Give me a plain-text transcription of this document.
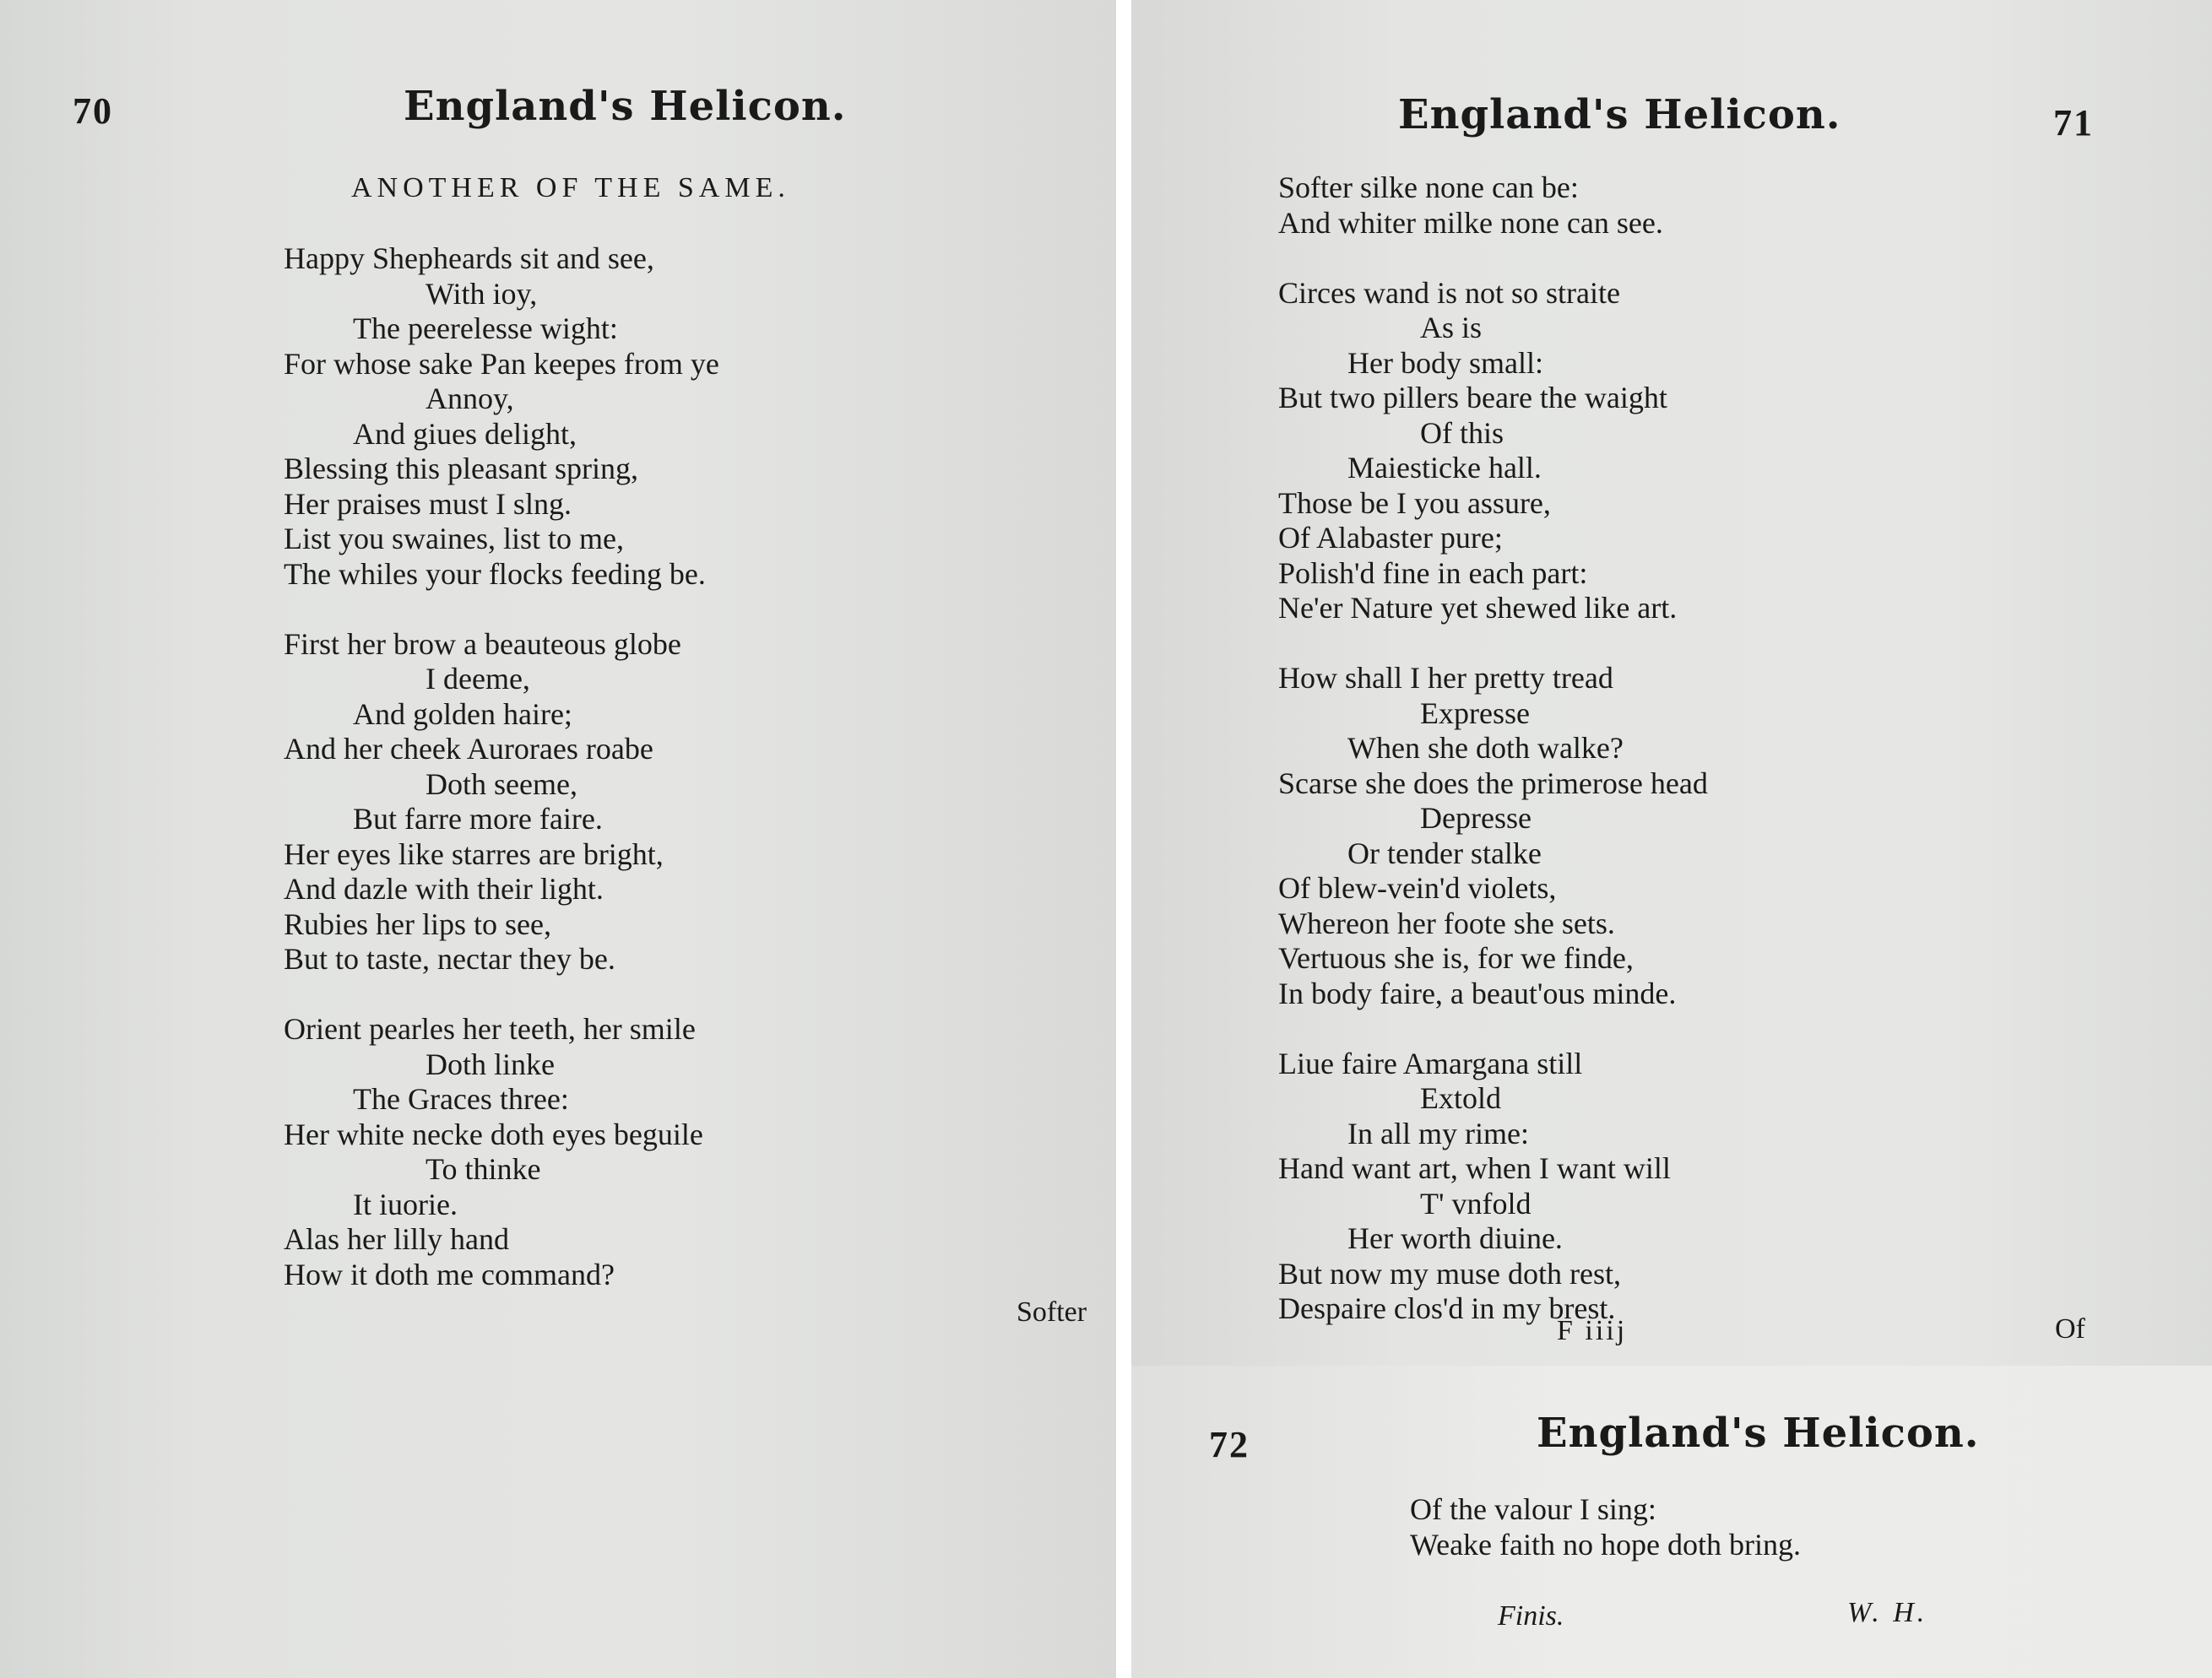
70	England's Helicon.
ANOTHER OF THE SAME.
Happy Shepheards sit and see,
With ioy,
The peerelesse wight:
For whose sake Pan keepes from ye
Annoy,
And giues delight,
Blessing this pleasant spring,
Her praises must I slng.
List you swaines, list to me,
The whiles your flocks feeding be.
First her brow a beauteous globe
I deeme,
And golden haire;
And her cheek Auroraes roabe
Doth seeme,
But farre more faire.
Her eyes like starres are bright,
And dazle with their light.
Rubies her lips to see,
But to taste, nectar they be.
Orient pearles her teeth, her smile
Doth linke
The Graces three:
Her white necke doth eyes beguile
To thinke
It iuorie.
Alas her lilly hand
How it doth me command?
Softer
England's Helicon.	71
Softer silke none can be:
And whiter milke none can see.
Circes wand is not so straite
As is
Her body small:
But two pillers beare the waight
Of this
Maiesticke hall.
Those be I you assure,
Of Alabaster pure;
Polish'd fine in each part:
Ne'er Nature yet shewed like art.
How shall I her pretty tread
Expresse
When she doth walke?
Scarse she does the primerose head
Depresse
Or tender stalke
Of blew-vein'd violets,
Whereon her foote she sets.
Vertuous she is, for we finde,
In body faire, a beaut'ous minde.
Liue faire Amargana still
Extold
In all my rime:
Hand want art, when I want will
T' vnfold
Her worth diuine.
But now my muse doth rest,
Despaire clos'd in my brest.
F iiij	Of
72	England's Helicon.
Of the valour I sing:
Weake faith no hope doth bring.
Finis.	W. H.
